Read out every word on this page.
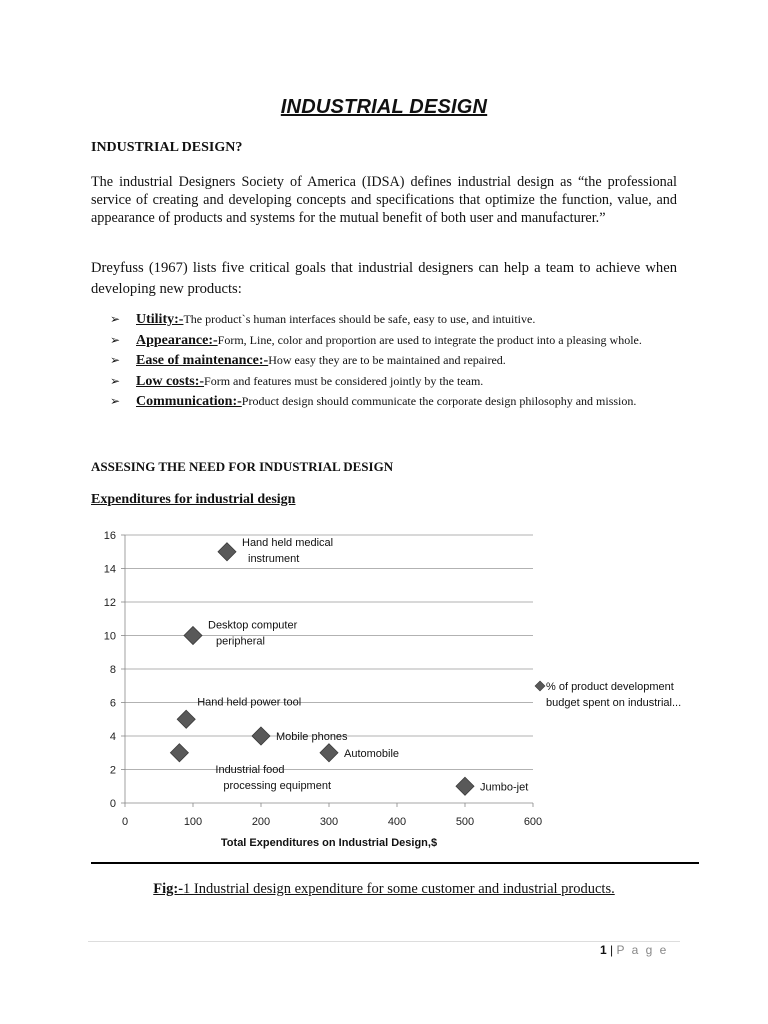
INDUSTRIAL DESIGN
INDUSTRIAL DESIGN?
The industrial Designers Society of America (IDSA) defines industrial design as “the professional service of creating and developing concepts and specifications that optimize the function, value, and appearance of products and systems for the mutual benefit of both user and manufacturer.”
Dreyfuss (1967) lists five critical goals that industrial designers can help a team to achieve when developing new products:
➢ Utility:-The product`s human interfaces should be safe, easy to use, and intuitive.
➢ Appearance:-Form, Line, color and proportion are used to integrate the product into a pleasing whole.
➢ Ease of maintenance:-How easy they are to be maintained and repaired.
➢ Low costs:-Form and features must be considered jointly by the team.
➢ Communication:-Product design should communicate the corporate design philosophy and mission.
ASSESING THE NEED FOR INDUSTRIAL DESIGN
Expenditures for industrial design
0
2
4
6
8
10
12
14
16
0	100	200	300	400	500	600
Total Expenditures on Industrial Design,$
Hand held medical instrument
Desktop computer peripheral
Hand held power tool
Mobile phones
Industrial food processing equipment
Automobile
Jumbo-jet
% of product development
budget spent on industrial...
Fig:-1 Industrial design expenditure for some customer and industrial products.
1 | P a g e
